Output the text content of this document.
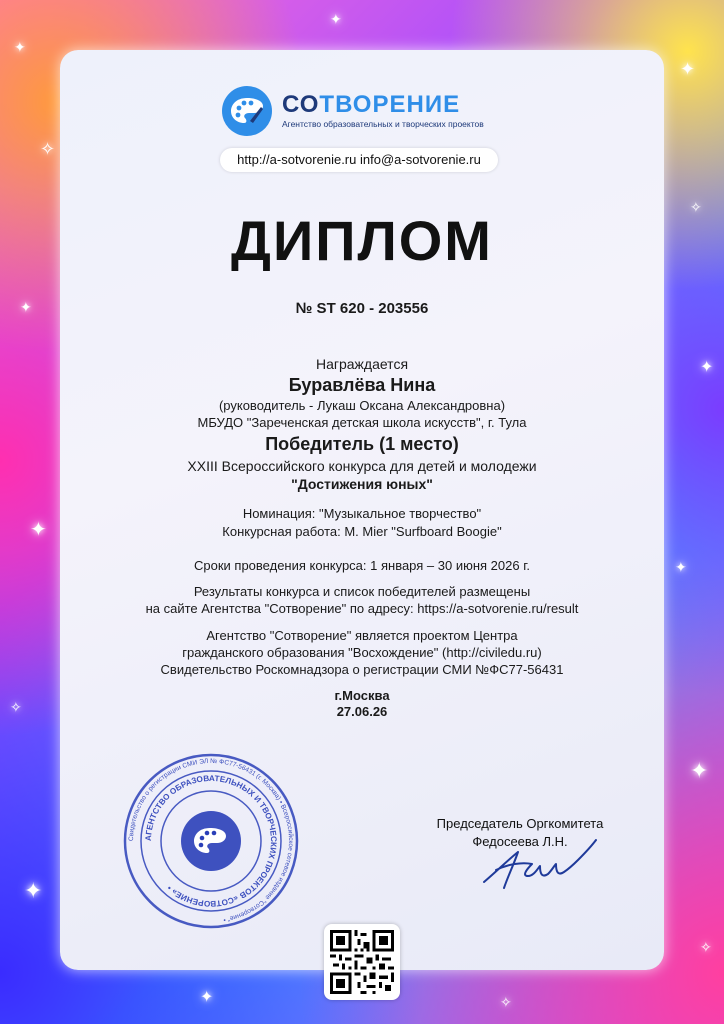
✦
✧
✦
✦
✧
✦
✦
✧
✦
✦
✦
✧
✦	✧
✦
СОТВОРЕНИЕ
Агентство образовательных и творческих проектов
http://a-sotvorenie.ru info@a-sotvorenie.ru
ДИПЛОМ
№ ST 620 - 203556
Награждается
Буравлёва Нина
(руководитель - Лукаш Оксана Александровна)
МБУДО "Зареченская детская школа искусств", г. Тула
Победитель (1 место)
XXIII Всероссийского конкурса для детей и молодежи
"Достижения юных"
Номинация: "Музыкальное творчество"
Конкурсная работа: M. Mier "Surfboard Boogie"
Сроки проведения конкурса: 1 января – 30 июня 2026 г.
Результаты конкурса и список победителей размещены
на сайте Агентства "Сотворение" по адресу: https://a-sotvorenie.ru/result
Агентство "Сотворение" является проектом Центра
гражданского образования "Восхождение" (http://civiledu.ru)
Свидетельство Роскомнадзора о регистрации СМИ №ФС77-56431
г.Москва
27.06.26
Свидетельство о регистрации СМИ ЭЛ № ФС77-56431 (г. Москва) • Всероссийское сетевое издание "Сотворение" •
АГЕНТСТВО ОБРАЗОВАТЕЛЬНЫХ И ТВОРЧЕСКИХ ПРОЕКТОВ «СОТВОРЕНИЕ» •
Председатель Оргкомитета
Федосеева Л.Н.
